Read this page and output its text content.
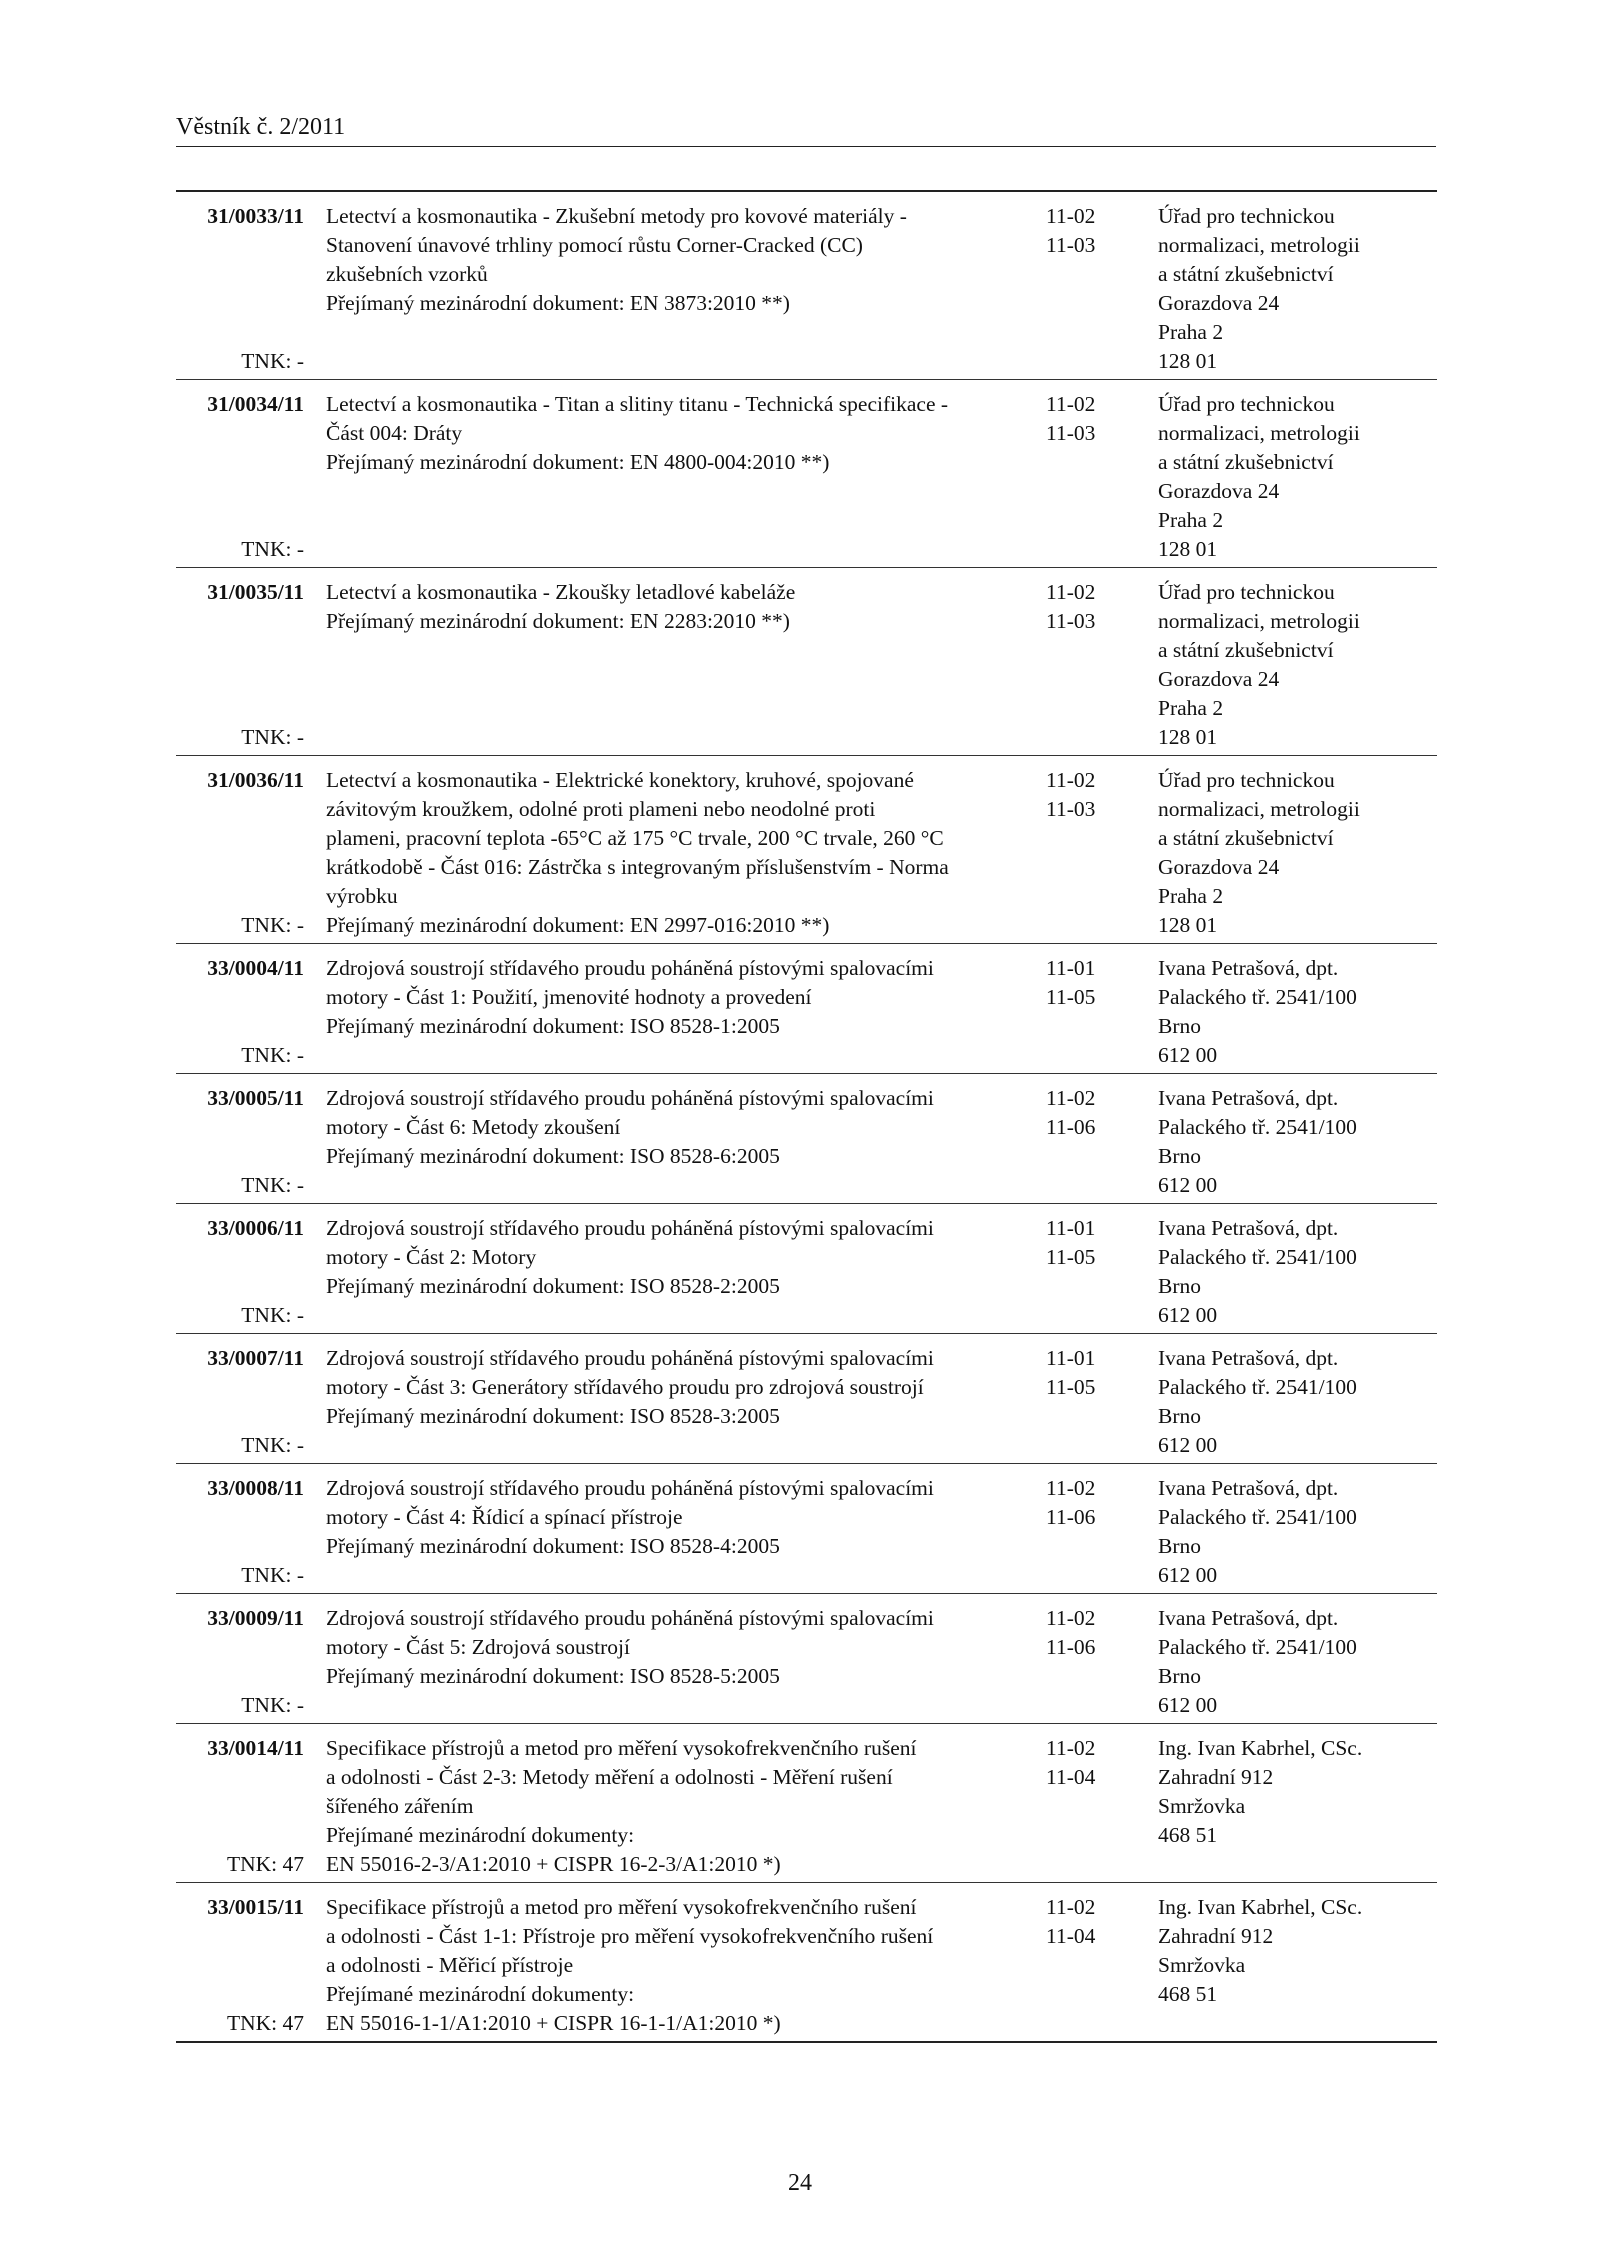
Věstník č. 2/2011
31/0033/11
TNK: -
Letectví a kosmonautika - Zkušební metody pro kovové materiály -
Stanovení únavové trhliny pomocí růstu Corner-Cracked (CC)
zkušebních vzorků
Přejímaný mezinárodní dokument: EN 3873:2010 **)
11-02
11-03
Úřad pro technickou
normalizaci, metrologii
a státní zkušebnictví
Gorazdova 24
Praha 2
128 01
31/0034/11
TNK: -
Letectví a kosmonautika - Titan a slitiny titanu - Technická specifikace -
Část 004: Dráty
Přejímaný mezinárodní dokument: EN 4800-004:2010 **)
11-02
11-03
Úřad pro technickou
normalizaci, metrologii
a státní zkušebnictví
Gorazdova 24
Praha 2
128 01
31/0035/11
TNK: -
Letectví a kosmonautika - Zkoušky letadlové kabeláže
Přejímaný mezinárodní dokument: EN 2283:2010 **)
11-02
11-03
Úřad pro technickou
normalizaci, metrologii
a státní zkušebnictví
Gorazdova 24
Praha 2
128 01
31/0036/11
TNK: -
Letectví a kosmonautika - Elektrické konektory, kruhové, spojované
závitovým kroužkem, odolné proti plameni nebo neodolné proti
plameni, pracovní teplota -65°C až 175 °C trvale, 200 °C trvale, 260 °C
krátkodobě - Část 016: Zástrčka s integrovaným příslušenstvím - Norma
výrobku
Přejímaný mezinárodní dokument: EN 2997-016:2010 **)
11-02
11-03
Úřad pro technickou
normalizaci, metrologii
a státní zkušebnictví
Gorazdova 24
Praha 2
128 01
33/0004/11
TNK: -
Zdrojová soustrojí střídavého proudu poháněná pístovými spalovacími
motory - Část 1: Použití, jmenovité hodnoty a provedení
Přejímaný mezinárodní dokument: ISO 8528-1:2005

11-01
11-05
Ivana Petrašová, dpt.
Palackého tř. 2541/100
Brno
612 00
33/0005/11
TNK: -
Zdrojová soustrojí střídavého proudu poháněná pístovými spalovacími
motory - Část 6: Metody zkoušení
Přejímaný mezinárodní dokument: ISO 8528-6:2005

11-02
11-06
Ivana Petrašová, dpt.
Palackého tř. 2541/100
Brno
612 00
33/0006/11
TNK: -
Zdrojová soustrojí střídavého proudu poháněná pístovými spalovacími
motory - Část 2: Motory
Přejímaný mezinárodní dokument: ISO 8528-2:2005

11-01
11-05
Ivana Petrašová, dpt.
Palackého tř. 2541/100
Brno
612 00
33/0007/11
TNK: -
Zdrojová soustrojí střídavého proudu poháněná pístovými spalovacími
motory - Část 3: Generátory střídavého proudu pro zdrojová soustrojí
Přejímaný mezinárodní dokument: ISO 8528-3:2005

11-01
11-05
Ivana Petrašová, dpt.
Palackého tř. 2541/100
Brno
612 00
33/0008/11
TNK: -
Zdrojová soustrojí střídavého proudu poháněná pístovými spalovacími
motory - Část 4: Řídicí a spínací přístroje
Přejímaný mezinárodní dokument: ISO 8528-4:2005

11-02
11-06
Ivana Petrašová, dpt.
Palackého tř. 2541/100
Brno
612 00
33/0009/11
TNK: -
Zdrojová soustrojí střídavého proudu poháněná pístovými spalovacími
motory - Část 5: Zdrojová soustrojí
Přejímaný mezinárodní dokument: ISO 8528-5:2005

11-02
11-06
Ivana Petrašová, dpt.
Palackého tř. 2541/100
Brno
612 00
33/0014/11
TNK: 47
Specifikace přístrojů a metod pro měření vysokofrekvenčního rušení
a odolnosti - Část 2-3: Metody měření a odolnosti - Měření rušení
šířeného zářením
Přejímané mezinárodní dokumenty:
EN 55016-2-3/A1:2010 + CISPR 16-2-3/A1:2010 *)
11-02
11-04
Ing. Ivan Kabrhel, CSc.
Zahradní 912
Smržovka
468 51
33/0015/11
TNK: 47
Specifikace přístrojů a metod pro měření vysokofrekvenčního rušení
a odolnosti - Část 1-1: Přístroje pro měření vysokofrekvenčního rušení
a odolnosti - Měřicí přístroje
Přejímané mezinárodní dokumenty:
EN 55016-1-1/A1:2010 + CISPR 16-1-1/A1:2010 *)
11-02
11-04
Ing. Ivan Kabrhel, CSc.
Zahradní 912
Smržovka
468 51
24
